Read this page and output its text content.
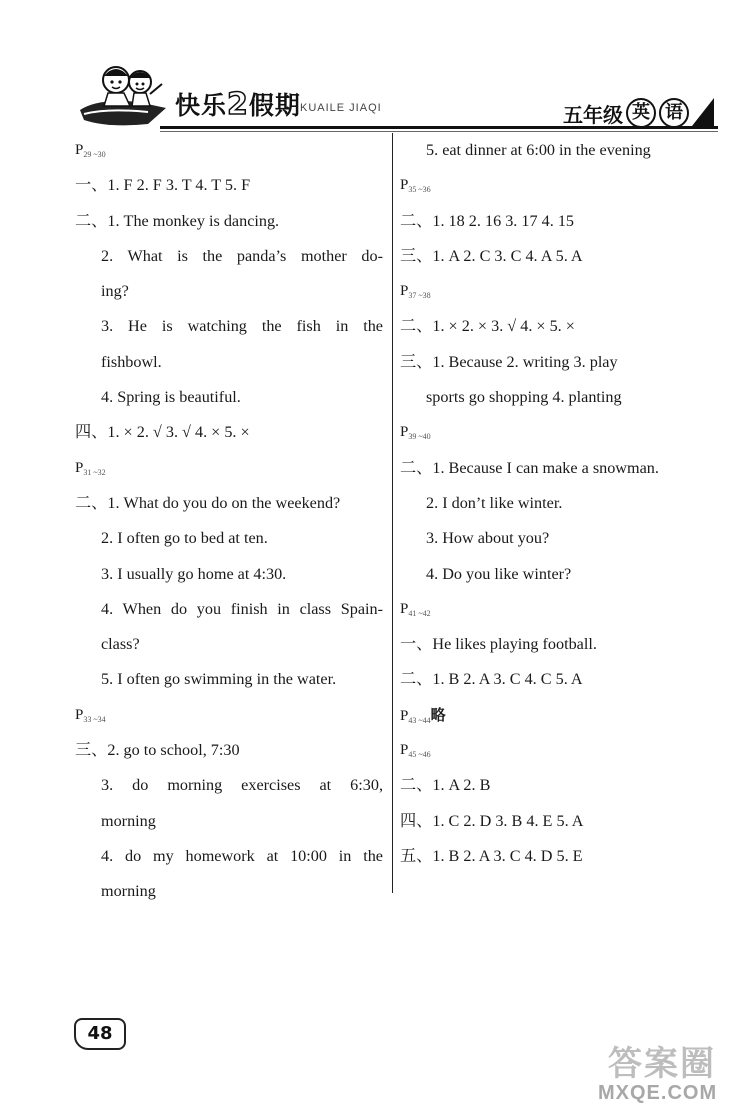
快乐2假期 KUAILE JIAQI	五年级 英 语
$P_{29 \sim 30}$
一、1. F 2. F 3. T 4. T 5. F
二、1. The monkey is dancing.
2. What is the panda’s mother do-
ing?
3. He is watching the fish in the
fishbowl.
4. Spring is beautiful.
四、1. × 2. √ 3. √ 4. × 5. ×
$P_{31 \sim 32}$
二、1. What do you do on the weekend?
2. I often go to bed at ten.
3. I usually go home at 4:30.
4. When do you finish in class Spain-
class?
5. I often go swimming in the water.
$P_{33 \sim 34}$
三、2. go to school, 7:30
3. do morning exercises at 6:30,
morning
4. do my homework at 10:00 in the
morning
5. eat dinner at 6:00 in the evening
$P_{35 \sim 36}$
二、1. 18 2. 16 3. 17 4. 15
三、1. A 2. C 3. C 4. A 5. A
$P_{37 \sim 38}$
二、1. × 2. × 3. √ 4. × 5. ×
三、1. Because 2. writing 3. play
sports go shopping 4. planting
$P_{39 \sim 40}$
二、1. Because I can make a snowman.
2. I don’t like winter.
3. How about you?
4. Do you like winter?
$P_{41 \sim 42}$
一、He likes playing football.
二、1. B 2. A 3. C 4. C 5. A
$P_{43 \sim 44}$略
$P_{45 \sim 46}$
二、1. A 2. B
四、1. C 2. D 3. B 4. E 5. A
五、1. B 2. A 3. C 4. D 5. E
48
答案圈
MXQE.COM
